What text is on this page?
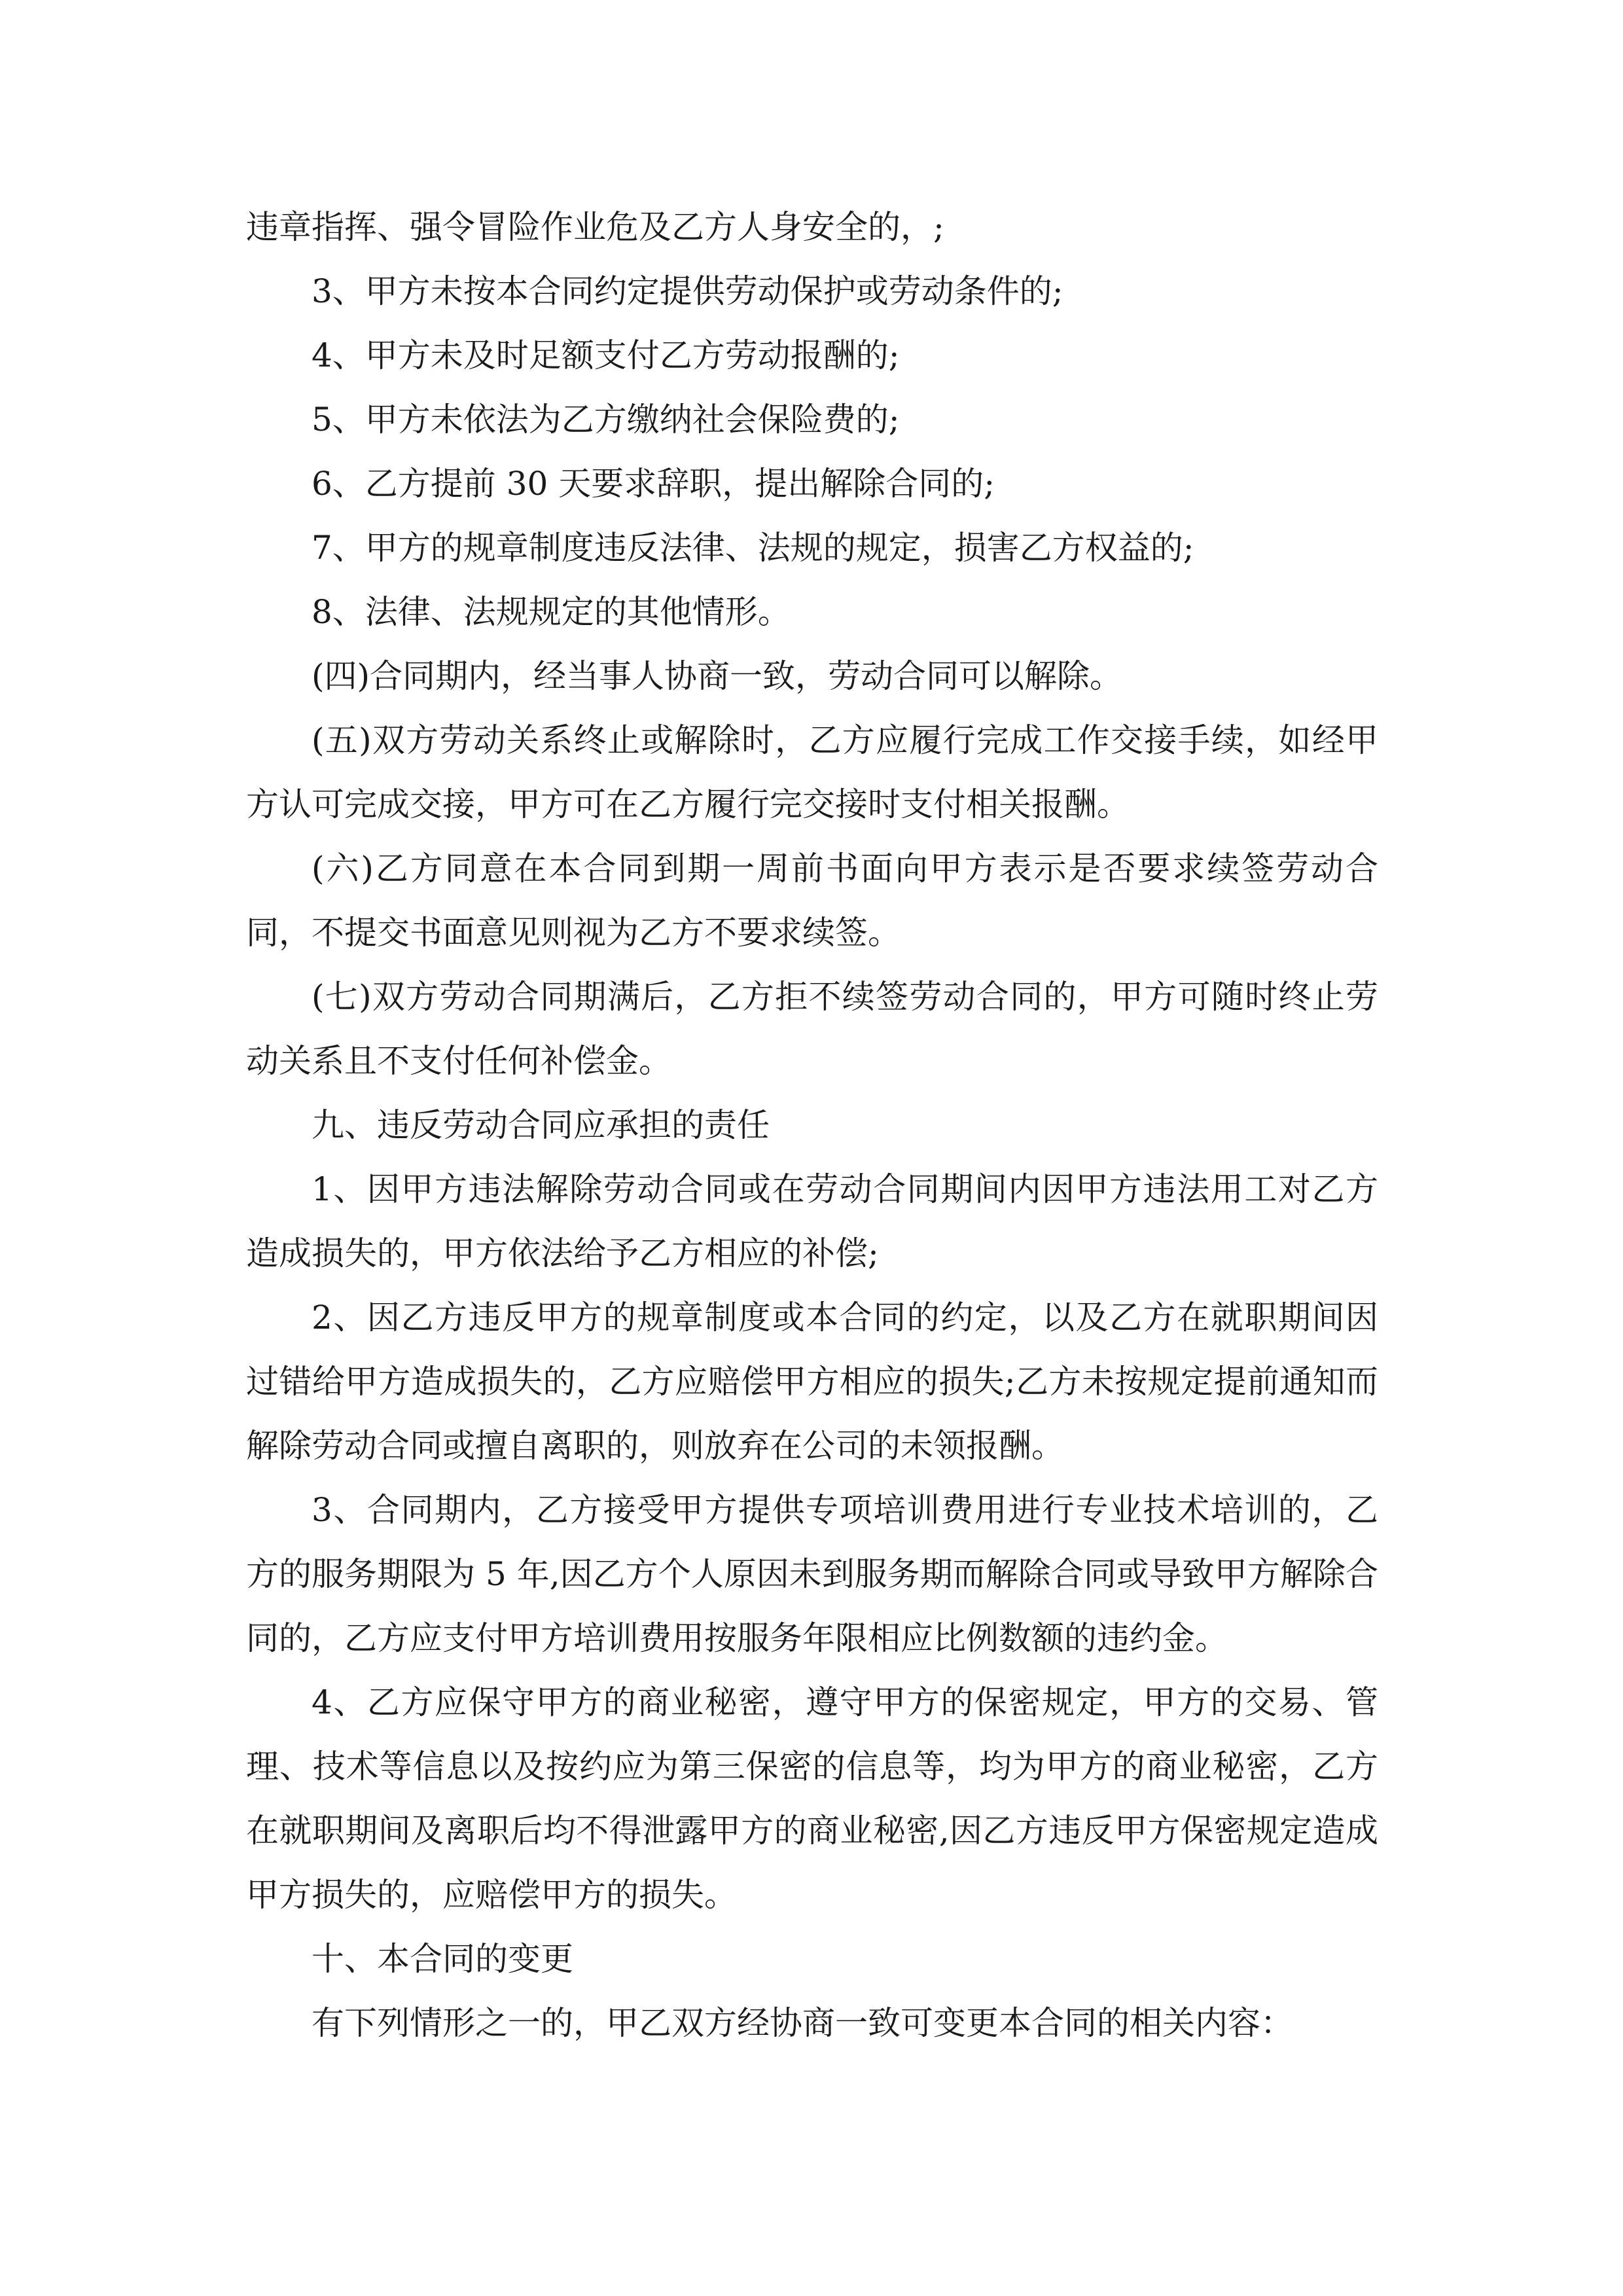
违章指挥、强令冒险作业危及乙方人身安全的，;

3、甲方未按本合同约定提供劳动保护或劳动条件的;

4、甲方未及时足额支付乙方劳动报酬的;

5、甲方未依法为乙方缴纳社会保险费的;

6、乙方提前 30 天要求辞职，提出解除合同的;

7、甲方的规章制度违反法律、法规的规定，损害乙方权益的;

8、法律、法规规定的其他情形。

(四)合同期内，经当事人协商一致，劳动合同可以解除。

(五)双方劳动关系终止或解除时，乙方应履行完成工作交接手续，如经甲方认可完成交接，甲方可在乙方履行完交接时支付相关报酬。

(六)乙方同意在本合同到期一周前书面向甲方表示是否要求续签劳动合同，不提交书面意见则视为乙方不要求续签。

(七)双方劳动合同期满后，乙方拒不续签劳动合同的，甲方可随时终止劳动关系且不支付任何补偿金。

九、违反劳动合同应承担的责任

1、因甲方违法解除劳动合同或在劳动合同期间内因甲方违法用工对乙方造成损失的，甲方依法给予乙方相应的补偿;

2、因乙方违反甲方的规章制度或本合同的约定，以及乙方在就职期间因过错给甲方造成损失的，乙方应赔偿甲方相应的损失;乙方未按规定提前通知而解除劳动合同或擅自离职的，则放弃在公司的未领报酬。

3、合同期内，乙方接受甲方提供专项培训费用进行专业技术培训的，乙方的服务期限为 5 年,因乙方个人原因未到服务期而解除合同或导致甲方解除合同的，乙方应支付甲方培训费用按服务年限相应比例数额的违约金。

4、乙方应保守甲方的商业秘密，遵守甲方的保密规定，甲方的交易、管理、技术等信息以及按约应为第三保密的信息等，均为甲方的商业秘密，乙方在就职期间及离职后均不得泄露甲方的商业秘密,因乙方违反甲方保密规定造成甲方损失的，应赔偿甲方的损失。

十、本合同的变更

有下列情形之一的，甲乙双方经协商一致可变更本合同的相关内容：
